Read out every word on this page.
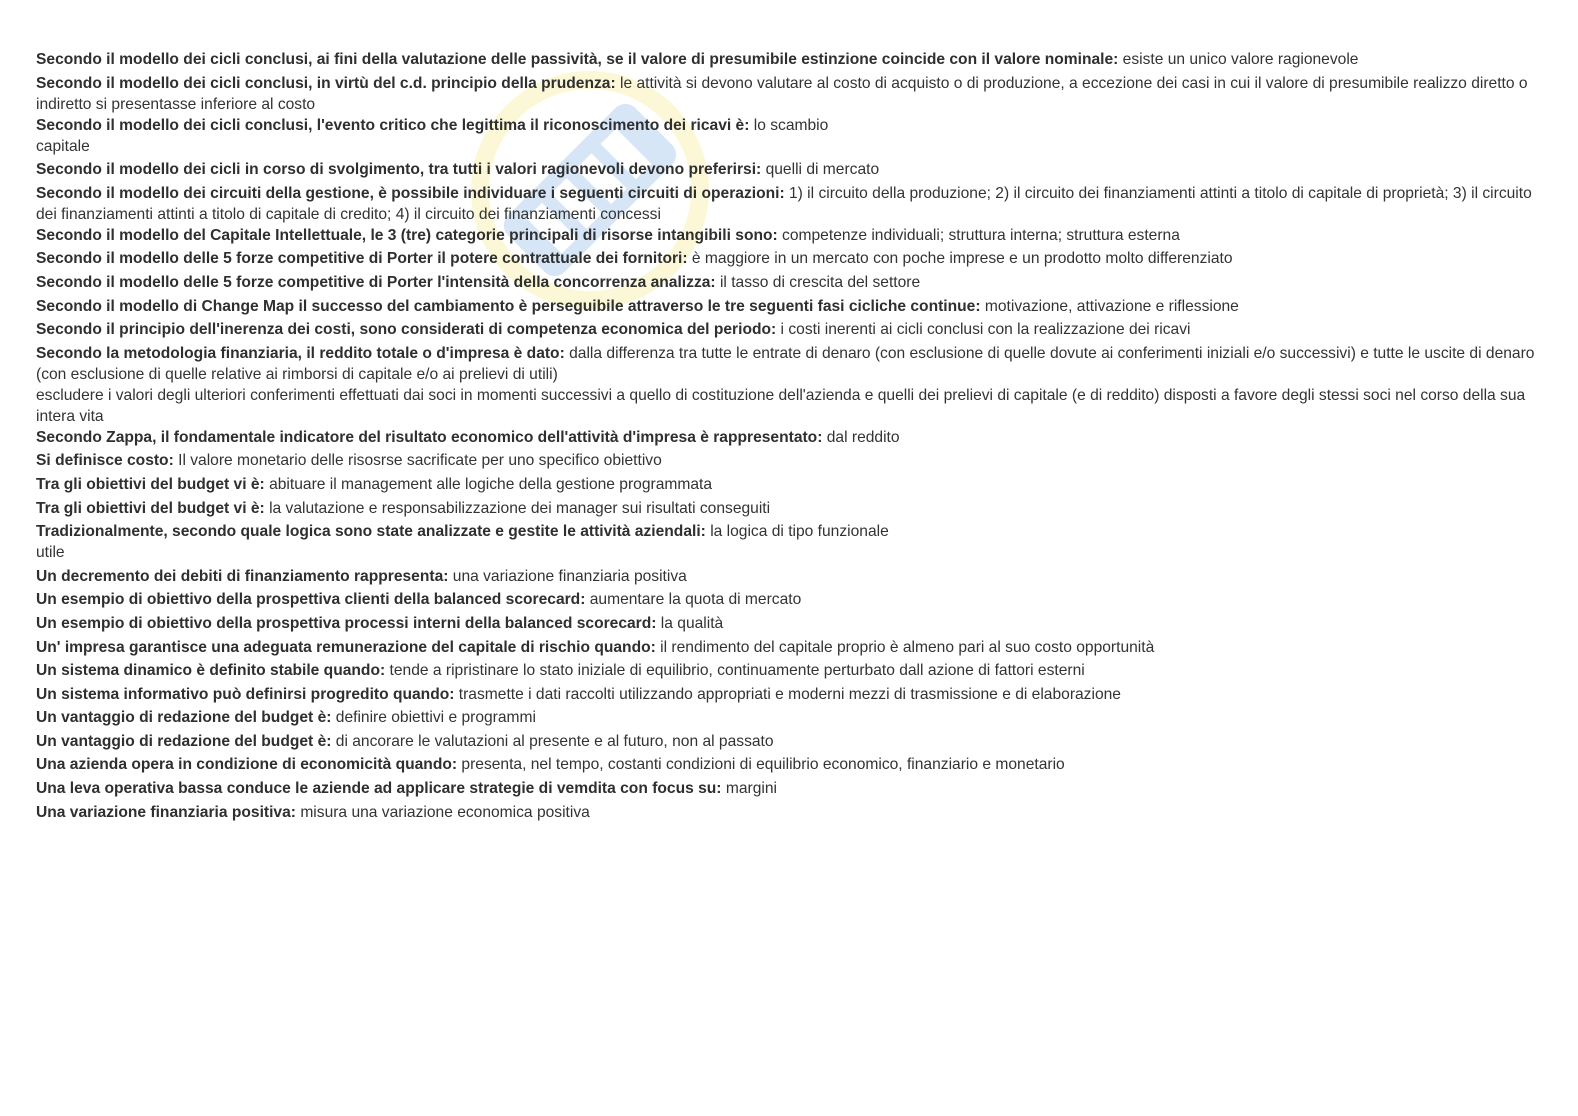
Secondo il modello dei cicli conclusi, ai fini della valutazione delle passività, se il valore di presumibile estinzione coincide con il valore nominale: esiste un unico valore ragionevole
Secondo il modello dei cicli conclusi, in virtù del c.d. principio della prudenza: le attività si devono valutare al costo di acquisto o di produzione, a eccezione dei casi in cui il valore di presumibile realizzo diretto o indiretto si presentasse inferiore al costo
Secondo il modello dei cicli conclusi, l'evento critico che legittima il riconoscimento dei ricavi è: lo scambio
capitale
Secondo il modello dei cicli in corso di svolgimento, tra tutti i valori ragionevoli devono preferirsi: quelli di mercato
Secondo il modello dei circuiti della gestione, è possibile individuare i seguenti circuiti di operazioni: 1) il circuito della produzione; 2) il circuito dei finanziamenti attinti a titolo di capitale di proprietà; 3) il circuito dei finanziamenti attinti a titolo di capitale di credito; 4) il circuito dei finanziamenti concessi
Secondo il modello del Capitale Intellettuale, le 3 (tre) categorie principali di risorse intangibili sono: competenze individuali; struttura interna; struttura esterna
Secondo il modello delle 5 forze competitive di Porter il potere contrattuale dei fornitori: è maggiore in un mercato con poche imprese e un prodotto molto differenziato
Secondo il modello delle 5 forze competitive di Porter l'intensità della concorrenza analizza: il tasso di crescita del settore
Secondo il modello di Change Map il successo del cambiamento è perseguibile attraverso le tre seguenti fasi cicliche continue: motivazione, attivazione e riflessione
Secondo il principio dell'inerenza dei costi, sono considerati di competenza economica del periodo: i costi inerenti ai cicli conclusi con la realizzazione dei ricavi
Secondo la metodologia finanziaria, il reddito totale o d'impresa è dato: dalla differenza tra tutte le entrate di denaro (con esclusione di quelle dovute ai conferimenti iniziali e/o successivi) e tutte le uscite di denaro (con esclusione di quelle relative ai rimborsi di capitale e/o ai prelievi di utili)
escludere i valori degli ulteriori conferimenti effettuati dai soci in momenti successivi a quello di costituzione dell'azienda e quelli dei prelievi di capitale (e di reddito) disposti a favore degli stessi soci nel corso della sua intera vita
Secondo Zappa, il fondamentale indicatore del risultato economico dell'attività d'impresa è rappresentato: dal reddito
Si definisce costo: Il valore monetario delle risosrse sacrificate per uno specifico obiettivo
Tra gli obiettivi del budget vi è: abituare il management alle logiche della gestione programmata
Tra gli obiettivi del budget vi è: la valutazione e responsabilizzazione dei manager sui risultati conseguiti
Tradizionalmente, secondo quale logica sono state analizzate e gestite le attività aziendali: la logica di tipo funzionale
utile
Un decremento dei debiti di finanziamento rappresenta: una variazione finanziaria positiva
Un esempio di obiettivo della prospettiva clienti della balanced scorecard: aumentare la quota di mercato
Un esempio di obiettivo della prospettiva processi interni della balanced scorecard: la qualità
Un' impresa garantisce una adeguata remunerazione del capitale di rischio quando: il rendimento del capitale proprio è almeno pari al suo costo opportunità
Un sistema dinamico è definito stabile quando: tende a ripristinare lo stato iniziale di equilibrio, continuamente perturbato dall azione di fattori esterni
Un sistema informativo può definirsi progredito quando: trasmette i dati raccolti utilizzando appropriati e moderni mezzi di trasmissione e di elaborazione
Un vantaggio di redazione del budget è: definire obiettivi e programmi
Un vantaggio di redazione del budget è: di ancorare le valutazioni al presente e al futuro, non al passato
Una azienda opera in condizione di economicità quando: presenta, nel tempo, costanti condizioni di equilibrio economico, finanziario e monetario
Una leva operativa bassa conduce le aziende ad applicare strategie di vemdita con focus su: margini
Una variazione finanziaria positiva: misura una variazione economica positiva
